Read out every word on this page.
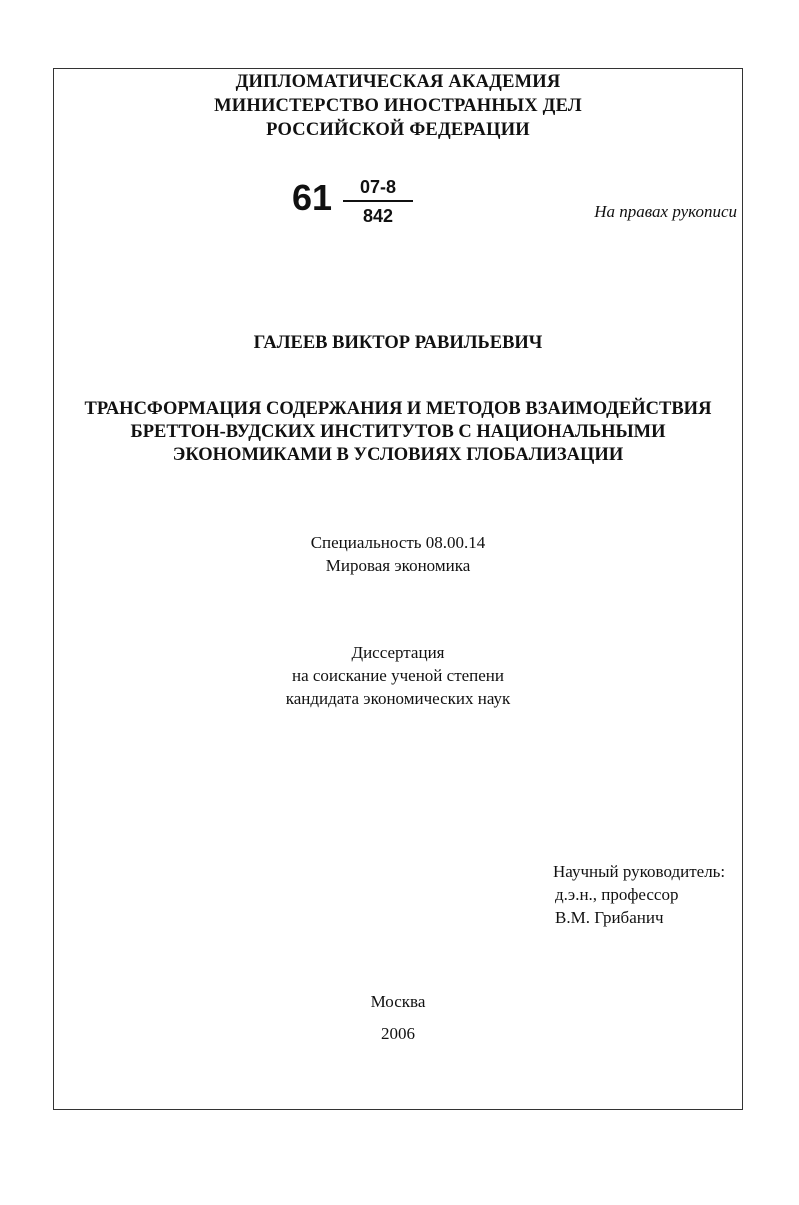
ДИПЛОМАТИЧЕСКАЯ АКАДЕМИЯ
МИНИСТЕРСТВО ИНОСТРАННЫХ ДЕЛ
РОССИЙСКОЙ ФЕДЕРАЦИИ
61	07-8
842	На правах рукописи
ГАЛЕЕВ ВИКТОР РАВИЛЬЕВИЧ
ТРАНСФОРМАЦИЯ СОДЕРЖАНИЯ И МЕТОДОВ ВЗАИМОДЕЙСТВИЯ
БРЕТТОН-ВУДСКИХ ИНСТИТУТОВ С НАЦИОНАЛЬНЫМИ
ЭКОНОМИКАМИ В УСЛОВИЯХ ГЛОБАЛИЗАЦИИ
Специальность 08.00.14
Мировая экономика
Диссертация
на соискание ученой степени
кандидата экономических наук
Научный руководитель:
д.э.н., профессор
В.М. Грибанич
Москва
2006
